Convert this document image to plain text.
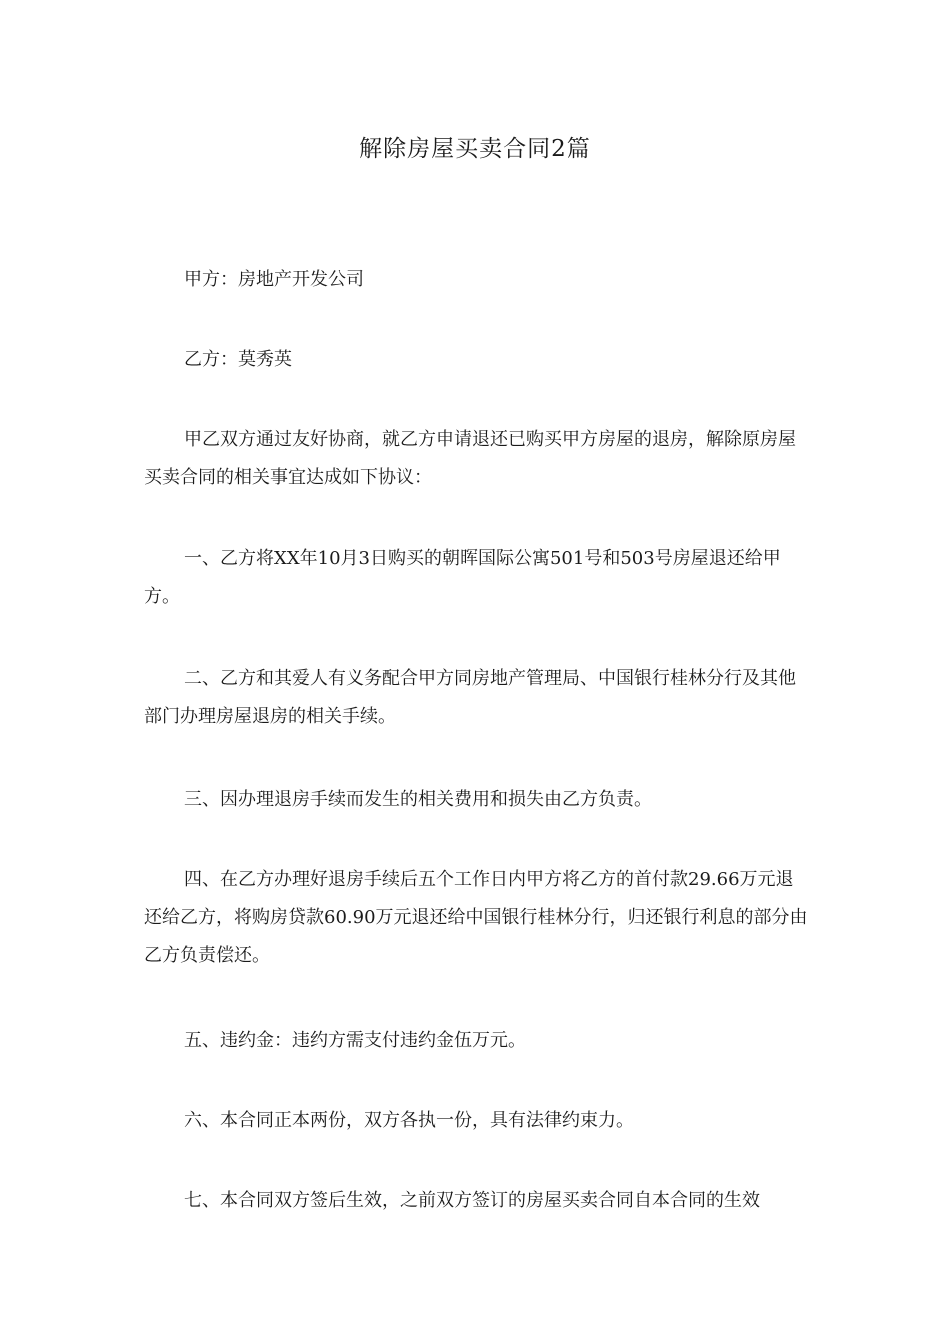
解除房屋买卖合同2篇

甲方：房地产开发公司

乙方：莫秀英

甲乙双方通过友好协商，就乙方申请退还已购买甲方房屋的退房，解除原房屋买卖合同的相关事宜达成如下协议：

一、乙方将XX年10月3日购买的朝晖国际公寓501号和503号房屋退还给甲方。

二、乙方和其爱人有义务配合甲方同房地产管理局、中国银行桂林分行及其他部门办理房屋退房的相关手续。

三、因办理退房手续而发生的相关费用和损失由乙方负责。

四、在乙方办理好退房手续后五个工作日内甲方将乙方的首付款29.66万元退还给乙方，将购房贷款60.90万元退还给中国银行桂林分行，归还银行利息的部分由乙方负责偿还。

五、违约金：违约方需支付违约金伍万元。

六、本合同正本两份，双方各执一份，具有法律约束力。

七、本合同双方签后生效，之前双方签订的房屋买卖合同自本合同的生效
